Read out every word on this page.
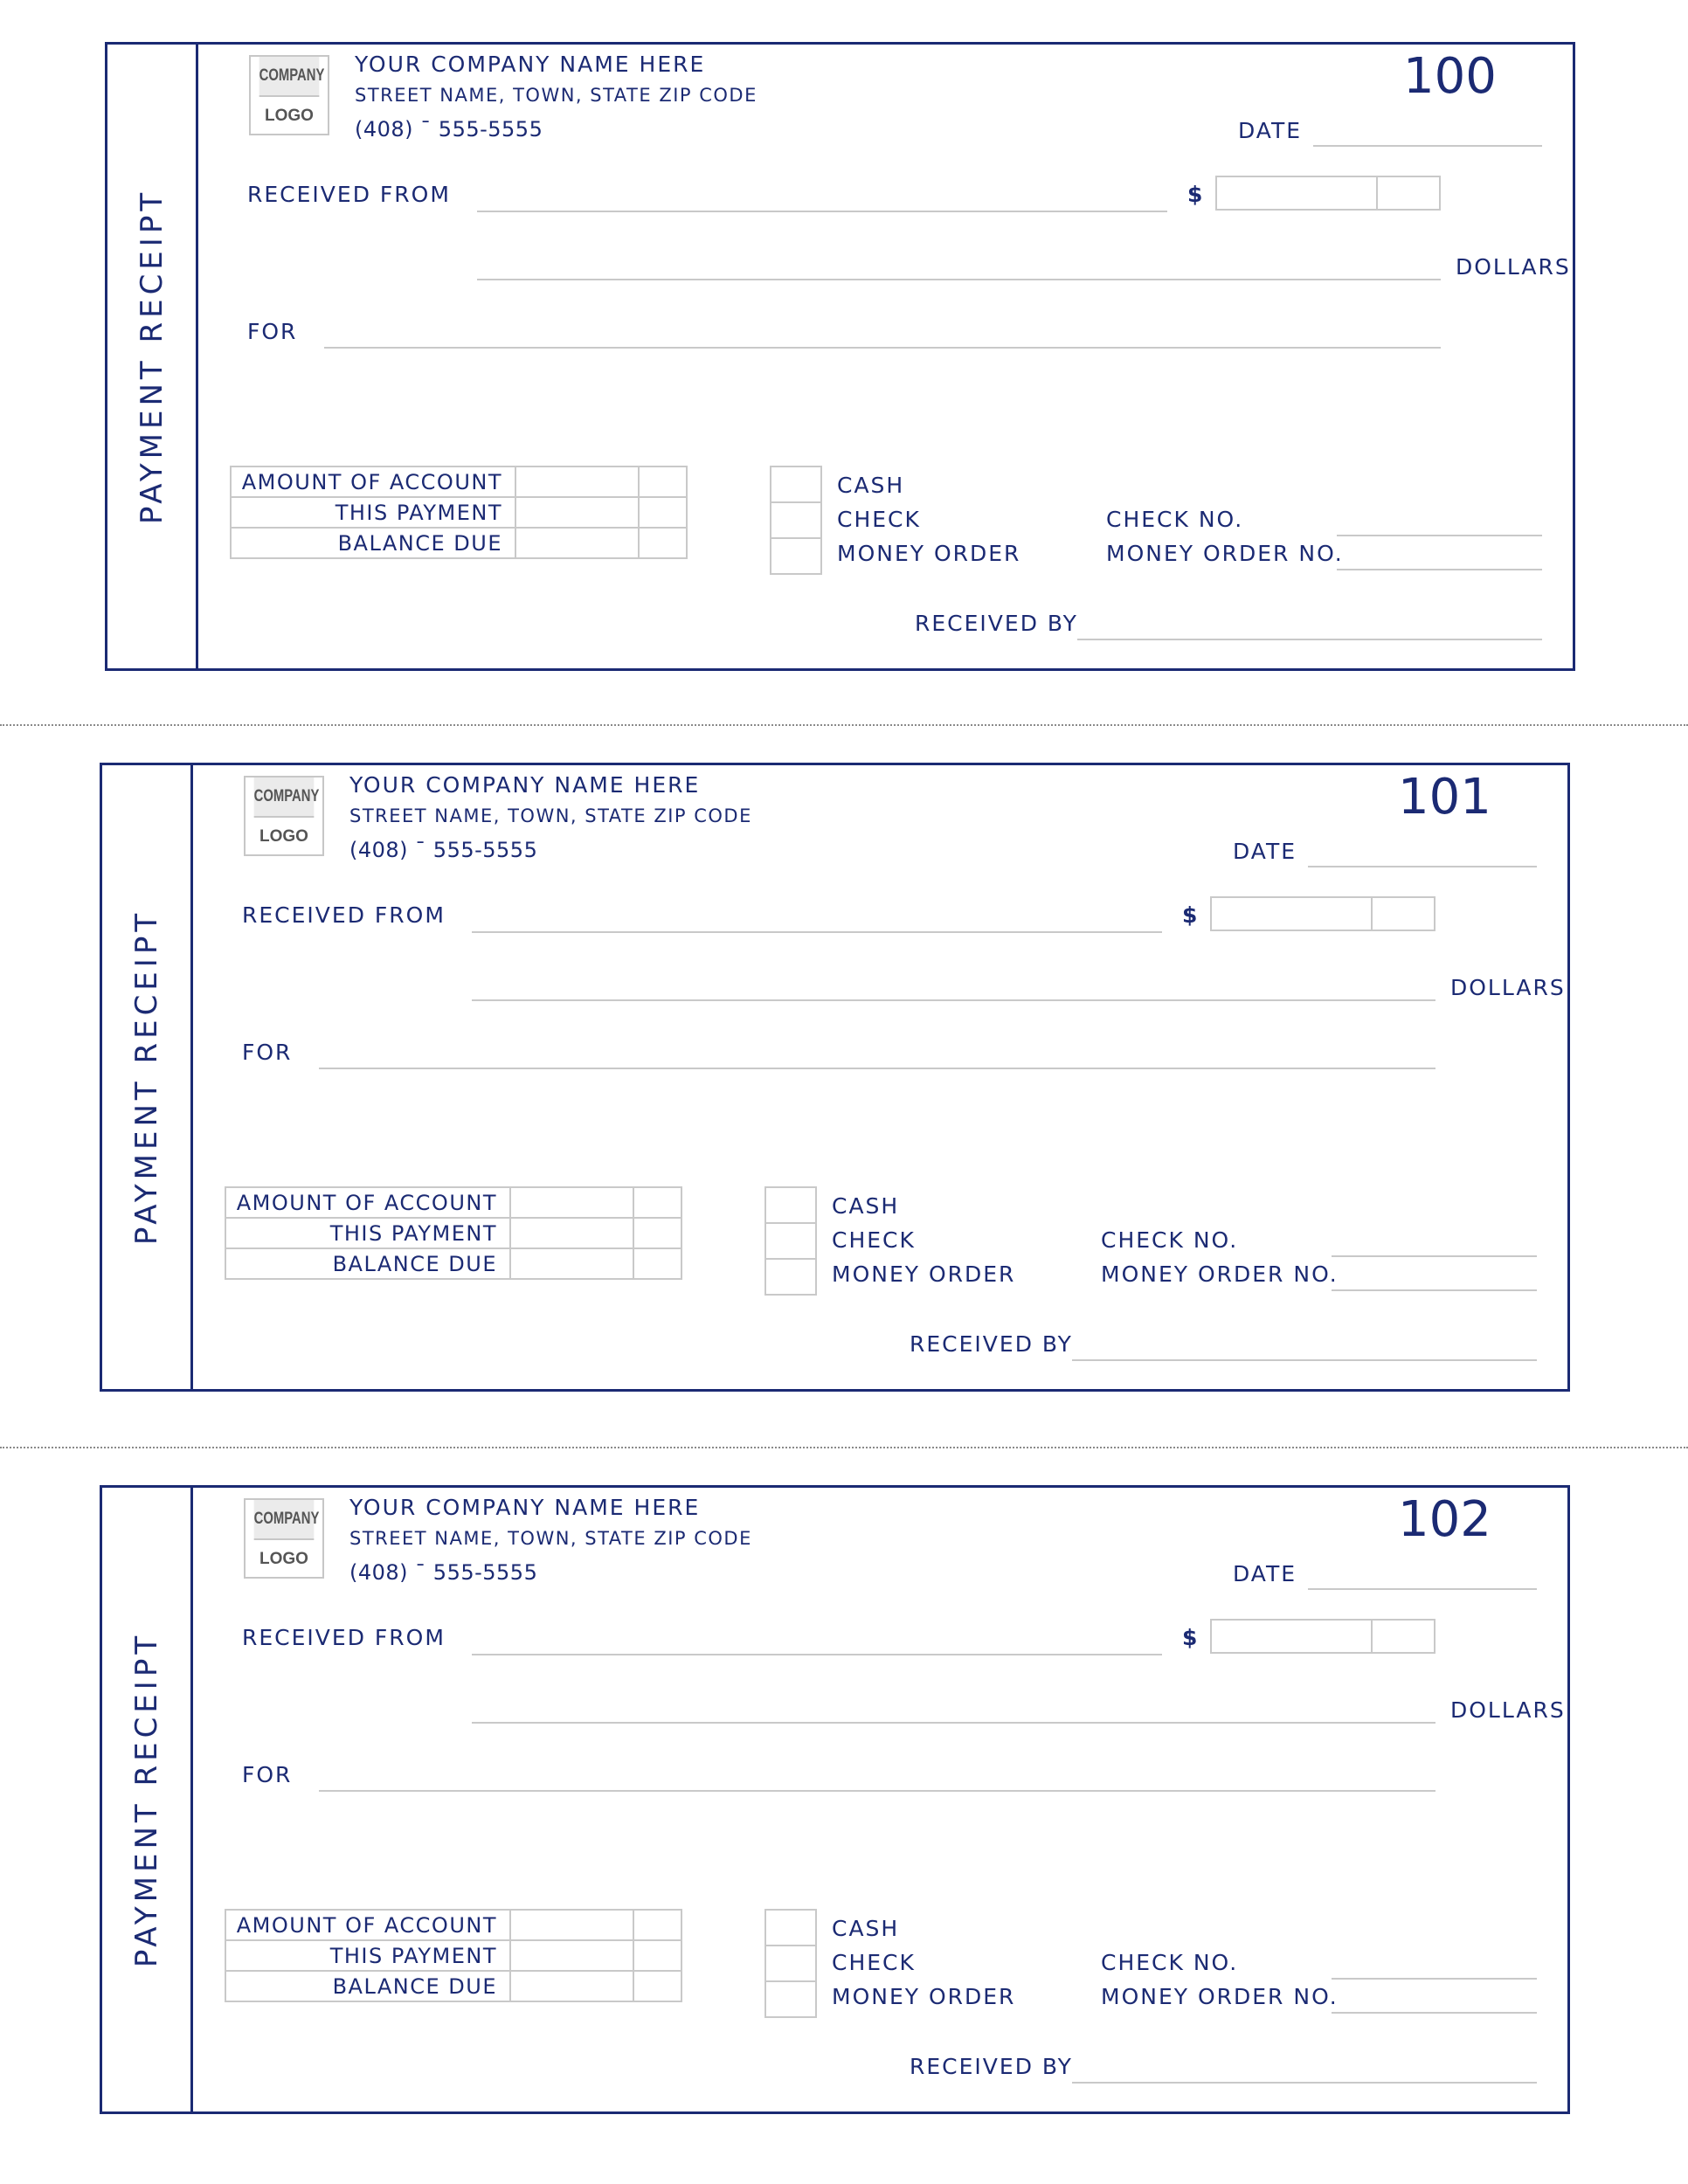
PAYMENT RECEIPT
COMPANY
LOGO
YOUR COMPANY NAME HERE
STREET NAME, TOWN, STATE ZIP CODE
(408) ¯ 555-5555
100
DATE
RECEIVED FROM	$
DOLLARS
FOR
AMOUNT OF ACCOUNT		
THIS PAYMENT		
BALANCE DUE		

CASH
CHECK
MONEY ORDER
CHECK NO.
MONEY ORDER NO.
RECEIVED BY
PAYMENT RECEIPT
COMPANY
LOGO
YOUR COMPANY NAME HERE
STREET NAME, TOWN, STATE ZIP CODE
(408) ¯ 555-5555
101
DATE
RECEIVED FROM	$
DOLLARS
FOR
AMOUNT OF ACCOUNT		
THIS PAYMENT		
BALANCE DUE		

CASH
CHECK
MONEY ORDER
CHECK NO.
MONEY ORDER NO.
RECEIVED BY
PAYMENT RECEIPT
COMPANY
LOGO
YOUR COMPANY NAME HERE
STREET NAME, TOWN, STATE ZIP CODE
(408) ¯ 555-5555
102
DATE
RECEIVED FROM	$
DOLLARS
FOR
AMOUNT OF ACCOUNT		
THIS PAYMENT		
BALANCE DUE		

CASH
CHECK
MONEY ORDER
CHECK NO.
MONEY ORDER NO.
RECEIVED BY
